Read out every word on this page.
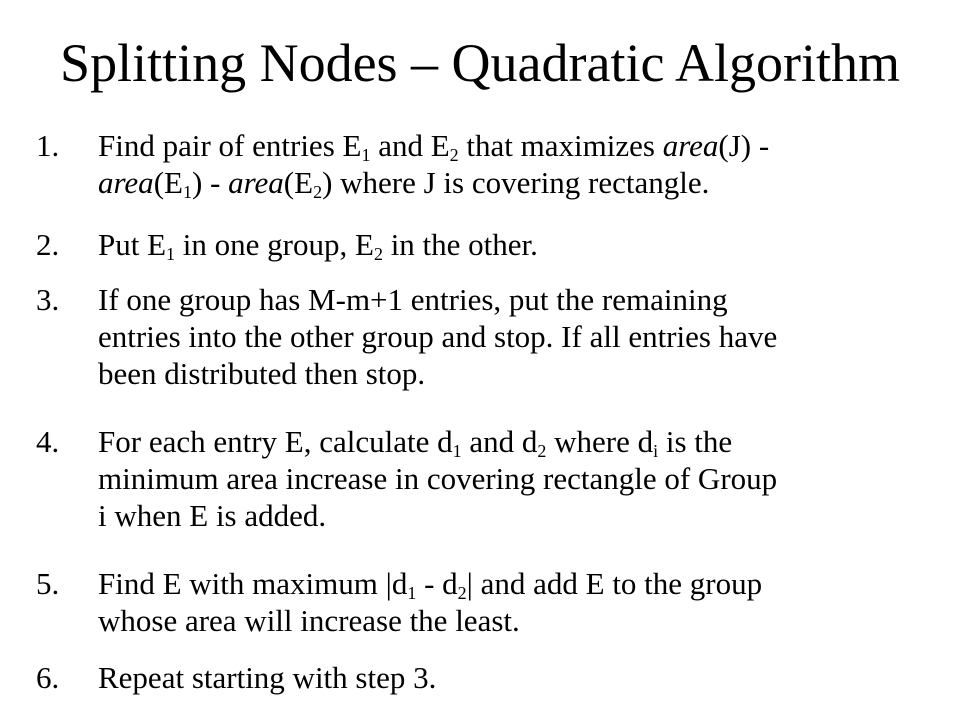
Splitting Nodes – Quadratic Algorithm
1.	Find pair of entries $E_1$ and $E_2$ that maximizes area(J) -
$area(E_1)$ - $area(E_2)$ where J is covering rectangle.
2.	Put $E_1$ in one group, $E_2$ in the other.
3.	If one group has M-m+1 entries, put the remaining
entries into the other group and stop. If all entries have
been distributed then stop.
4.	For each entry E, calculate $d_1$ and $d_2$ where $d_i$ is the
minimum area increase in covering rectangle of Group
i when E is added.
5.	Find E with maximum $|d_1 - d_2|$ and add E to the group
whose area will increase the least.
6.	Repeat starting with step 3.
